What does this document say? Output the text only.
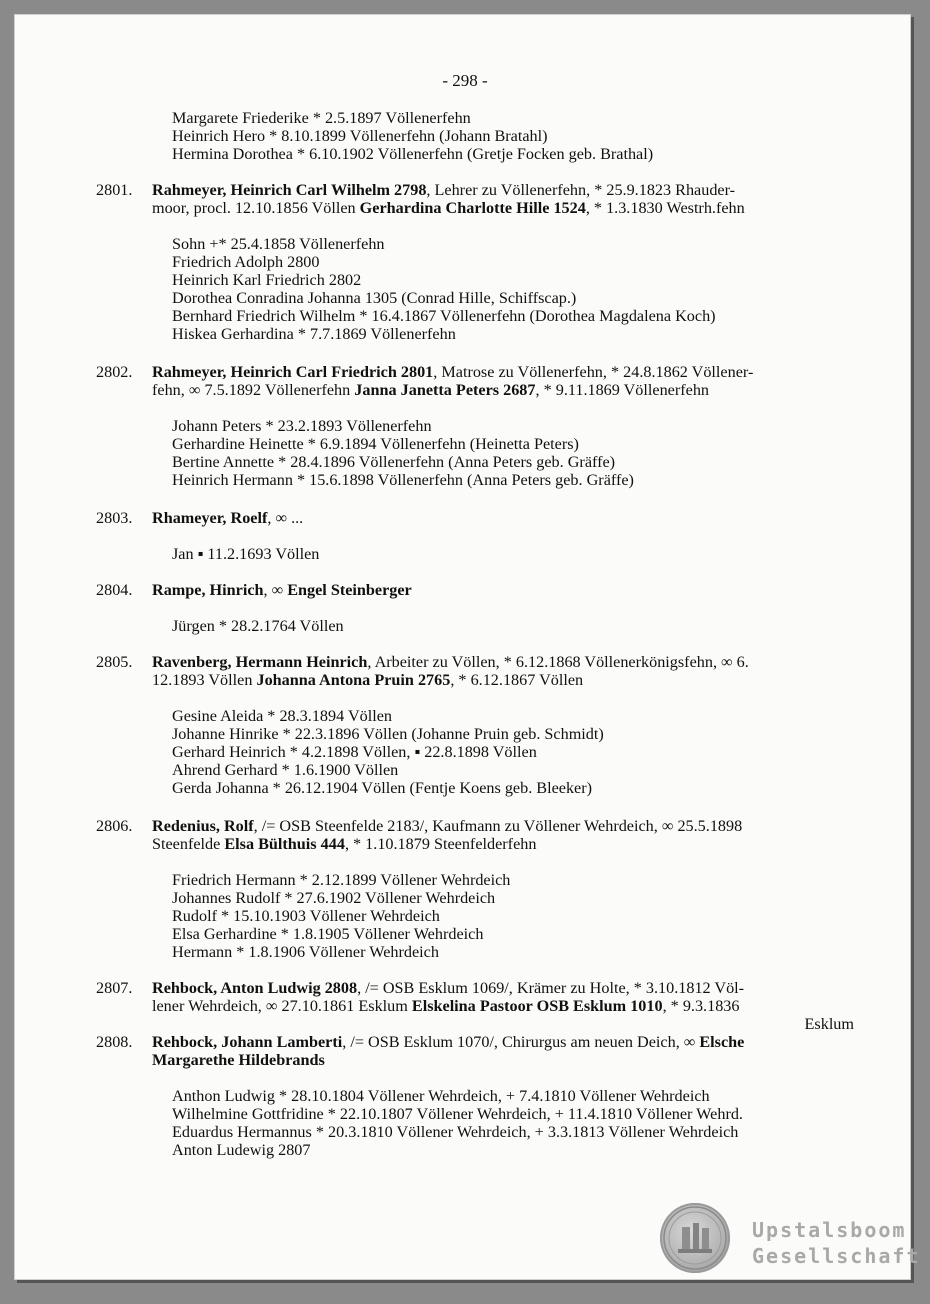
- 298 -
Margarete Friederike * 2.5.1897 Völlenerfehn
Heinrich Hero * 8.10.1899 Völlenerfehn (Johann Bratahl)
Hermina Dorothea * 6.10.1902 Völlenerfehn (Gretje Focken geb. Brathal)
2801. Rahmeyer, Heinrich Carl Wilhelm 2798, Lehrer zu Völlenerfehn, * 25.9.1823 Rhauder-
moor, procl. 12.10.1856 Völlen Gerhardina Charlotte Hille 1524, * 1.3.1830 Westrh.fehn
Sohn +* 25.4.1858 Völlenerfehn
Friedrich Adolph 2800
Heinrich Karl Friedrich 2802
Dorothea Conradina Johanna 1305 (Conrad Hille, Schiffscap.)
Bernhard Friedrich Wilhelm * 16.4.1867 Völlenerfehn (Dorothea Magdalena Koch)
Hiskea Gerhardina * 7.7.1869 Völlenerfehn
2802. Rahmeyer, Heinrich Carl Friedrich 2801, Matrose zu Völlenerfehn, * 24.8.1862 Völlener-
fehn, ∞ 7.5.1892 Völlenerfehn Janna Janetta Peters 2687, * 9.11.1869 Völlenerfehn
Johann Peters * 23.2.1893 Völlenerfehn
Gerhardine Heinette * 6.9.1894 Völlenerfehn (Heinetta Peters)
Bertine Annette * 28.4.1896 Völlenerfehn (Anna Peters geb. Gräffe)
Heinrich Hermann * 15.6.1898 Völlenerfehn (Anna Peters geb. Gräffe)
2803. Rhameyer, Roelf, ∞ ...
Jan ▪ 11.2.1693 Völlen
2804. Rampe, Hinrich, ∞ Engel Steinberger
Jürgen * 28.2.1764 Völlen
2805. Ravenberg, Hermann Heinrich, Arbeiter zu Völlen, * 6.12.1868 Völlenerkönigsfehn, ∞ 6.
12.1893 Völlen Johanna Antona Pruin 2765, * 6.12.1867 Völlen
Gesine Aleida * 28.3.1894 Völlen
Johanne Hinrike * 22.3.1896 Völlen (Johanne Pruin geb. Schmidt)
Gerhard Heinrich * 4.2.1898 Völlen, ▪ 22.8.1898 Völlen
Ahrend Gerhard * 1.6.1900 Völlen
Gerda Johanna * 26.12.1904 Völlen (Fentje Koens geb. Bleeker)
2806. Redenius, Rolf, /= OSB Steenfelde 2183/, Kaufmann zu Völlener Wehrdeich, ∞ 25.5.1898
Steenfelde Elsa Bülthuis 444, * 1.10.1879 Steenfelderfehn
Friedrich Hermann * 2.12.1899 Völlener Wehrdeich
Johannes Rudolf * 27.6.1902 Völlener Wehrdeich
Rudolf * 15.10.1903 Völlener Wehrdeich
Elsa Gerhardine * 1.8.1905 Völlener Wehrdeich
Hermann * 1.8.1906 Völlener Wehrdeich
2807. Rehbock, Anton Ludwig 2808, /= OSB Esklum 1069/, Krämer zu Holte, * 3.10.1812 Völ-
lener Wehrdeich, ∞ 27.10.1861 Esklum Elskelina Pastoor OSB Esklum 1010, * 9.3.1836
Esklum
2808. Rehbock, Johann Lamberti, /= OSB Esklum 1070/, Chirurgus am neuen Deich, ∞ Elsche
Margarethe Hildebrands
Anthon Ludwig * 28.10.1804 Völlener Wehrdeich, + 7.4.1810 Völlener Wehrdeich
Wilhelmine Gottfridine * 22.10.1807 Völlener Wehrdeich, + 11.4.1810 Völlener Wehrd.
Eduardus Hermannus * 20.3.1810 Völlener Wehrdeich, + 3.3.1813 Völlener Wehrdeich
Anton Ludewig 2807
Upstalsboom
Gesellschaft
